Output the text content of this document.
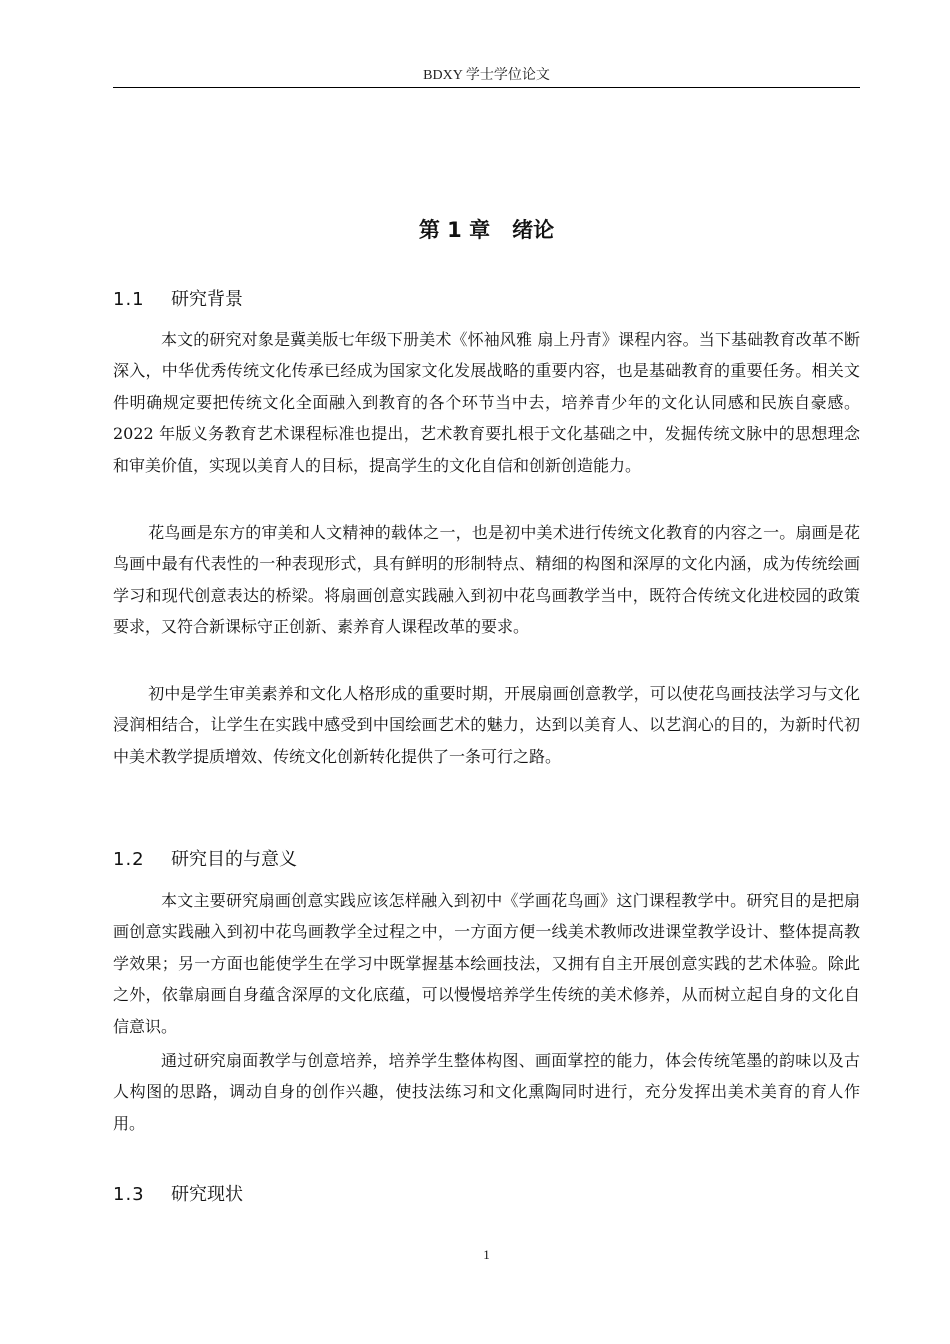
BDXY 学士学位论文
第 1 章 绪论
1.1 研究背景

本文的研究对象是冀美版七年级下册美术《怀袖风雅 扇上丹青》课程内容。当下基础教育改革不断深入，中华优秀传统文化传承已经成为国家文化发展战略的重要内容，也是基础教育的重要任务。相关文件明确规定要把传统文化全面融入到教育的各个环节当中去，培养青少年的文化认同感和民族自豪感。2022 年版义务教育艺术课程标准也提出，艺术教育要扎根于文化基础之中，发掘传统文脉中的思想理念和审美价值，实现以美育人的目标，提高学生的文化自信和创新创造能力。

花鸟画是东方的审美和人文精神的载体之一，也是初中美术进行传统文化教育的内容之一。扇画是花鸟画中最有代表性的一种表现形式，具有鲜明的形制特点、精细的构图和深厚的文化内涵，成为传统绘画学习和现代创意表达的桥梁。将扇画创意实践融入到初中花鸟画教学当中，既符合传统文化进校园的政策要求，又符合新课标守正创新、素养育人课程改革的要求。

初中是学生审美素养和文化人格形成的重要时期，开展扇画创意教学，可以使花鸟画技法学习与文化浸润相结合，让学生在实践中感受到中国绘画艺术的魅力，达到以美育人、以艺润心的目的，为新时代初中美术教学提质增效、传统文化创新转化提供了一条可行之路。

1.2 研究目的与意义

本文主要研究扇画创意实践应该怎样融入到初中《学画花鸟画》这门课程教学中。研究目的是把扇画创意实践融入到初中花鸟画教学全过程之中，一方面方便一线美术教师改进课堂教学设计、整体提高教学效果；另一方面也能使学生在学习中既掌握基本绘画技法，又拥有自主开展创意实践的艺术体验。除此之外，依靠扇画自身蕴含深厚的文化底蕴，可以慢慢培养学生传统的美术修养，从而树立起自身的文化自信意识。

通过研究扇面教学与创意培养，培养学生整体构图、画面掌控的能力，体会传统笔墨的韵味以及古人构图的思路，调动自身的创作兴趣，使技法练习和文化熏陶同时进行，充分发挥出美术美育的育人作用。

1.3 研究现状
1
